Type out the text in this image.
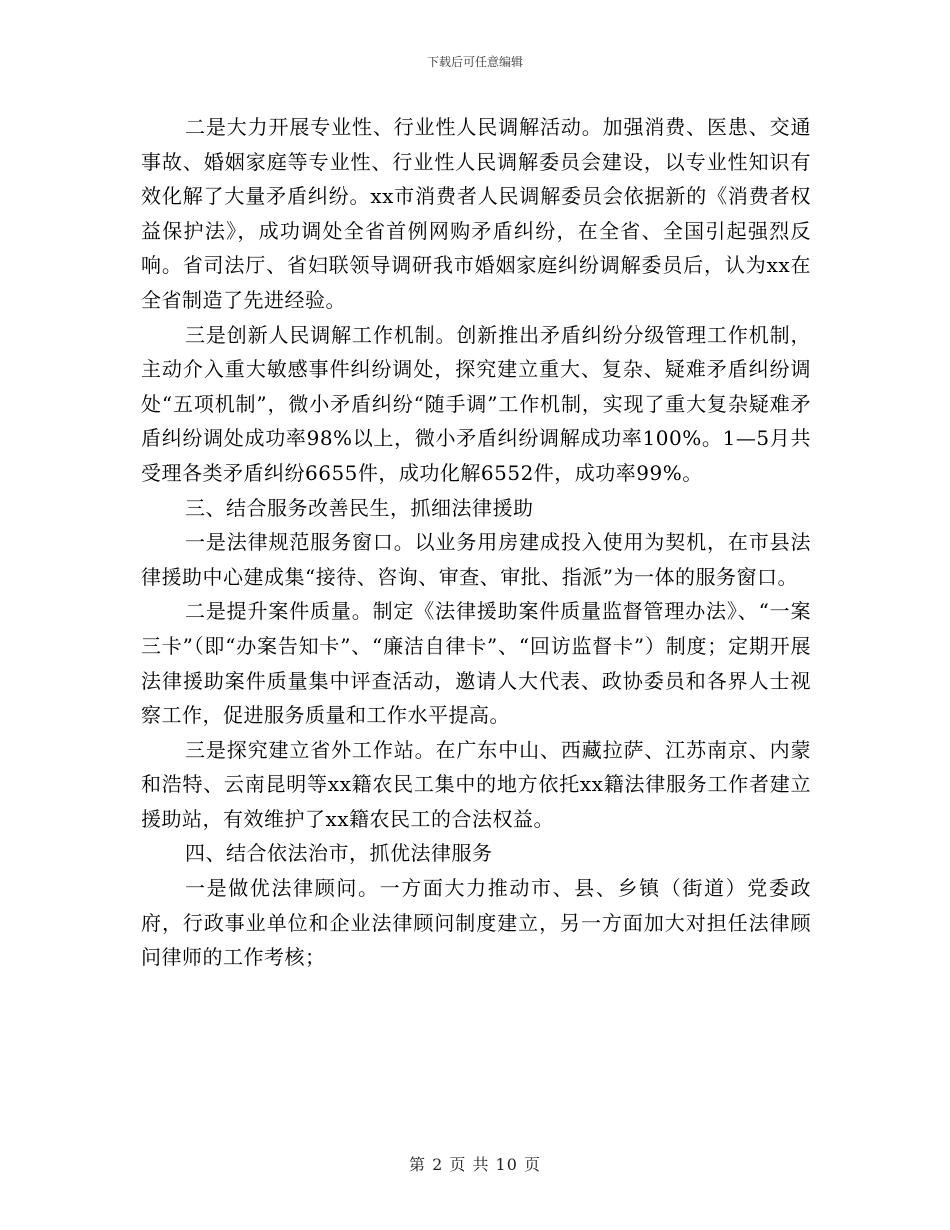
下载后可任意编辑

二是大力开展专业性、行业性人民调解活动。加强消费、医患、交通事故、婚姻家庭等专业性、行业性人民调解委员会建设，以专业性知识有效化解了大量矛盾纠纷。xx市消费者人民调解委员会依据新的《消费者权益保护法》，成功调处全省首例网购矛盾纠纷，在全省、全国引起强烈反响。省司法厅、省妇联领导调研我市婚姻家庭纠纷调解委员后，认为xx在全省制造了先进经验。

三是创新人民调解工作机制。创新推出矛盾纠纷分级管理工作机制，主动介入重大敏感事件纠纷调处，探究建立重大、复杂、疑难矛盾纠纷调处“五项机制”，微小矛盾纠纷“随手调”工作机制，实现了重大复杂疑难矛盾纠纷调处成功率98%以上，微小矛盾纠纷调解成功率100%。1—5月共受理各类矛盾纠纷6655件，成功化解6552件，成功率99%。

三、结合服务改善民生，抓细法律援助

一是法律规范服务窗口。以业务用房建成投入使用为契机，在市县法律援助中心建成集“接待、咨询、审查、审批、指派”为一体的服务窗口。

二是提升案件质量。制定《法律援助案件质量监督管理办法》、“一案三卡”（即“办案告知卡”、“廉洁自律卡”、“回访监督卡”）制度；定期开展法律援助案件质量集中评查活动，邀请人大代表、政协委员和各界人士视察工作，促进服务质量和工作水平提高。

三是探究建立省外工作站。在广东中山、西藏拉萨、江苏南京、内蒙和浩特、云南昆明等xx籍农民工集中的地方依托xx籍法律服务工作者建立援助站，有效维护了xx籍农民工的合法权益。

四、结合依法治市，抓优法律服务

一是做优法律顾问。一方面大力推动市、县、乡镇（街道）党委政府，行政事业单位和企业法律顾问制度建立，另一方面加大对担任法律顾问律师的工作考核；

第 2 页 共 10 页
